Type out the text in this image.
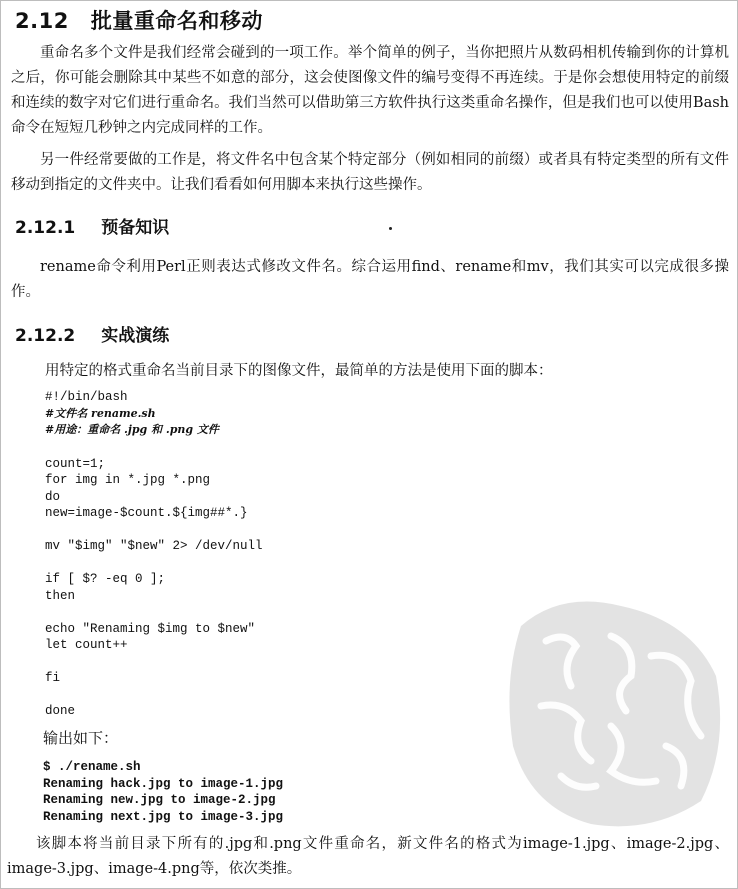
2.12 批量重命名和移动
重命名多个文件是我们经常会碰到的一项工作。举个简单的例子，当你把照片从数码相机传输到你的计算机之后，你可能会删除其中某些不如意的部分，这会使图像文件的编号变得不再连续。于是你会想使用特定的前缀和连续的数字对它们进行重命名。我们当然可以借助第三方软件执行这类重命名操作，但是我们也可以使用Bash命令在短短几秒钟之内完成同样的工作。
另一件经常要做的工作是，将文件名中包含某个特定部分（例如相同的前缀）或者具有特定类型的所有文件移动到指定的文件夹中。让我们看看如何用脚本来执行这些操作。
2.12.1 预备知识
rename命令利用Perl正则表达式修改文件名。综合运用find、rename和mv，我们其实可以完成很多操作。
2.12.2 实战演练
用特定的格式重命名当前目录下的图像文件，最简单的方法是使用下面的脚本：
#!/bin/bash
#文件名 rename.sh
#用途：重命名 .jpg 和 .png 文件

count=1;
for img in *.jpg *.png
do
new=image-$count.${img##*.}

mv "$img" "$new" 2> /dev/null

if [ $? -eq 0 ];
then

echo "Renaming $img to $new"
let count++

fi

done
输出如下：
$ ./rename.sh
Renaming hack.jpg to image-1.jpg
Renaming new.jpg to image-2.jpg
Renaming next.jpg to image-3.jpg
该脚本将当前目录下所有的.jpg和.png文件重命名，新文件名的格式为image-1.jpg、image-2.jpg、image-3.jpg、image-4.png等，依次类推。
